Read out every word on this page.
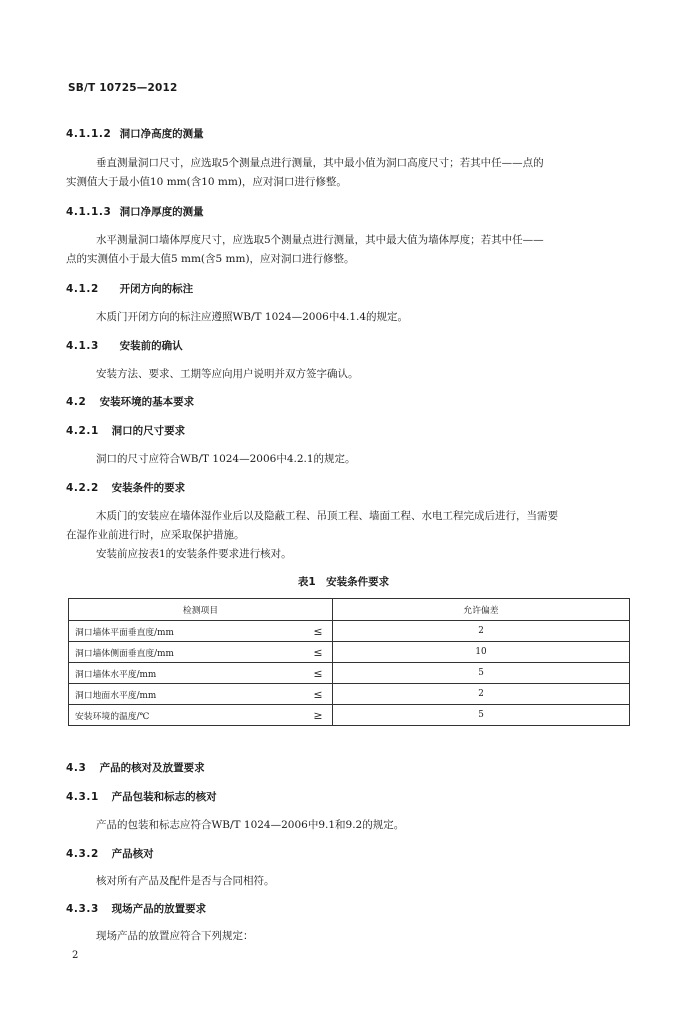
SB/T 10725—2012
4.1.1.2 洞口净高度的测量
垂直测量洞口尺寸，应选取5个测量点进行测量，其中最小值为洞口高度尺寸；若其中任——点的
实测值大于最小值10 mm(含10 mm)，应对洞口进行修整。
4.1.1.3 洞口净厚度的测量
水平测量洞口墙体厚度尺寸，应选取5个测量点进行测量，其中最大值为墙体厚度；若其中任——
点的实测值小于最大值5 mm(含5 mm)，应对洞口进行修整。
4.1.2 开闭方向的标注
木质门开闭方向的标注应遵照WB/T 1024—2006中4.1.4的规定。
4.1.3 安装前的确认
安装方法、要求、工期等应向用户说明并双方签字确认。
4.2 安装环境的基本要求
4.2.1 洞口的尺寸要求
洞口的尺寸应符合WB/T 1024—2006中4.2.1的规定。
4.2.2 安装条件的要求
木质门的安装应在墙体湿作业后以及隐蔽工程、吊顶工程、墙面工程、水电工程完成后进行，当需要
在湿作业前进行时，应采取保护措施。
安装前应按表1的安装条件要求进行核对。
表1　安装条件要求
检测项目		允许偏差
洞口墙体平面垂直度/mm	≤	2
洞口墙体侧面垂直度/mm	≤	10
洞口墙体水平度/mm	≤	5
洞口地面水平度/mm	≤	2
安装环境的温度/℃	≥	5
4.3 产品的核对及放置要求
4.3.1 产品包装和标志的核对
产品的包装和标志应符合WB/T 1024—2006中9.1和9.2的规定。
4.3.2 产品核对
核对所有产品及配件是否与合同相符。
4.3.3 现场产品的放置要求
现场产品的放置应符合下列规定：
2
